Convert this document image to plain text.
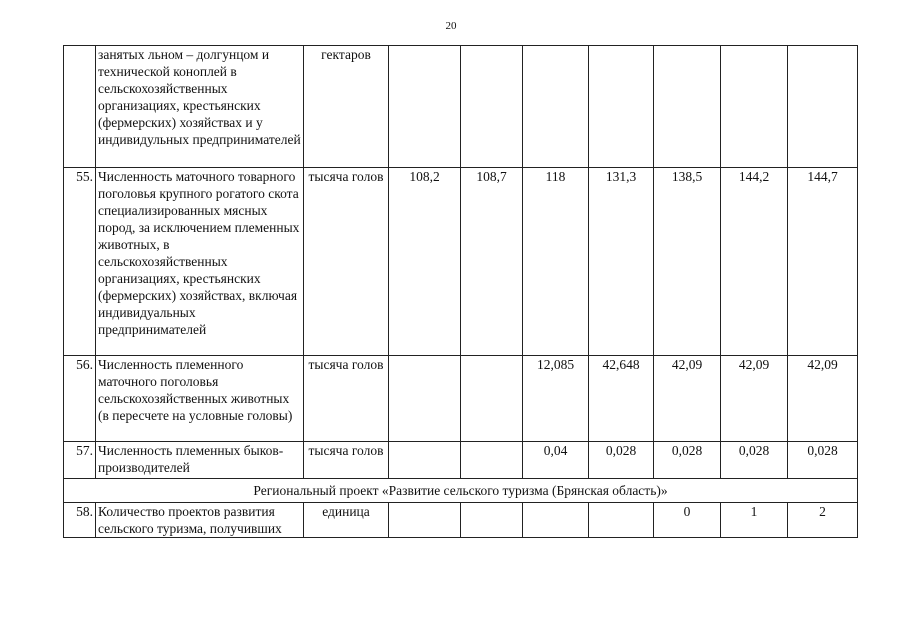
20
	занятых льном – долгунцом и технической коноплей в сельскохозяйственных организациях, крестьянских (фермерских) хозяйствах и у индивидульных предпринимателей	гектаров							
55.	Численность маточного товарного поголовья крупного рогатого скота специализированных мясных пород, за исключением племенных животных, в сельскохозяйственных организациях, крестьянских (фермерских) хозяйствах, включая индивидуальных предпринимателей	тысяча голов	108,2	108,7	118	131,3	138,5	144,2	144,7
56.	Численность племенного маточного поголовья сельскохозяйственных животных (в пересчете на условные головы)	тысяча голов			12,085	42,648	42,09	42,09	42,09
57.	Численность племенных быков-производителей	тысяча голов			0,04	0,028	0,028	0,028	0,028
Региональный проект «Развитие сельского туризма (Брянская область)»									
58.	Количество проектов развития сельского туризма, получивших	единица					0	1	2
